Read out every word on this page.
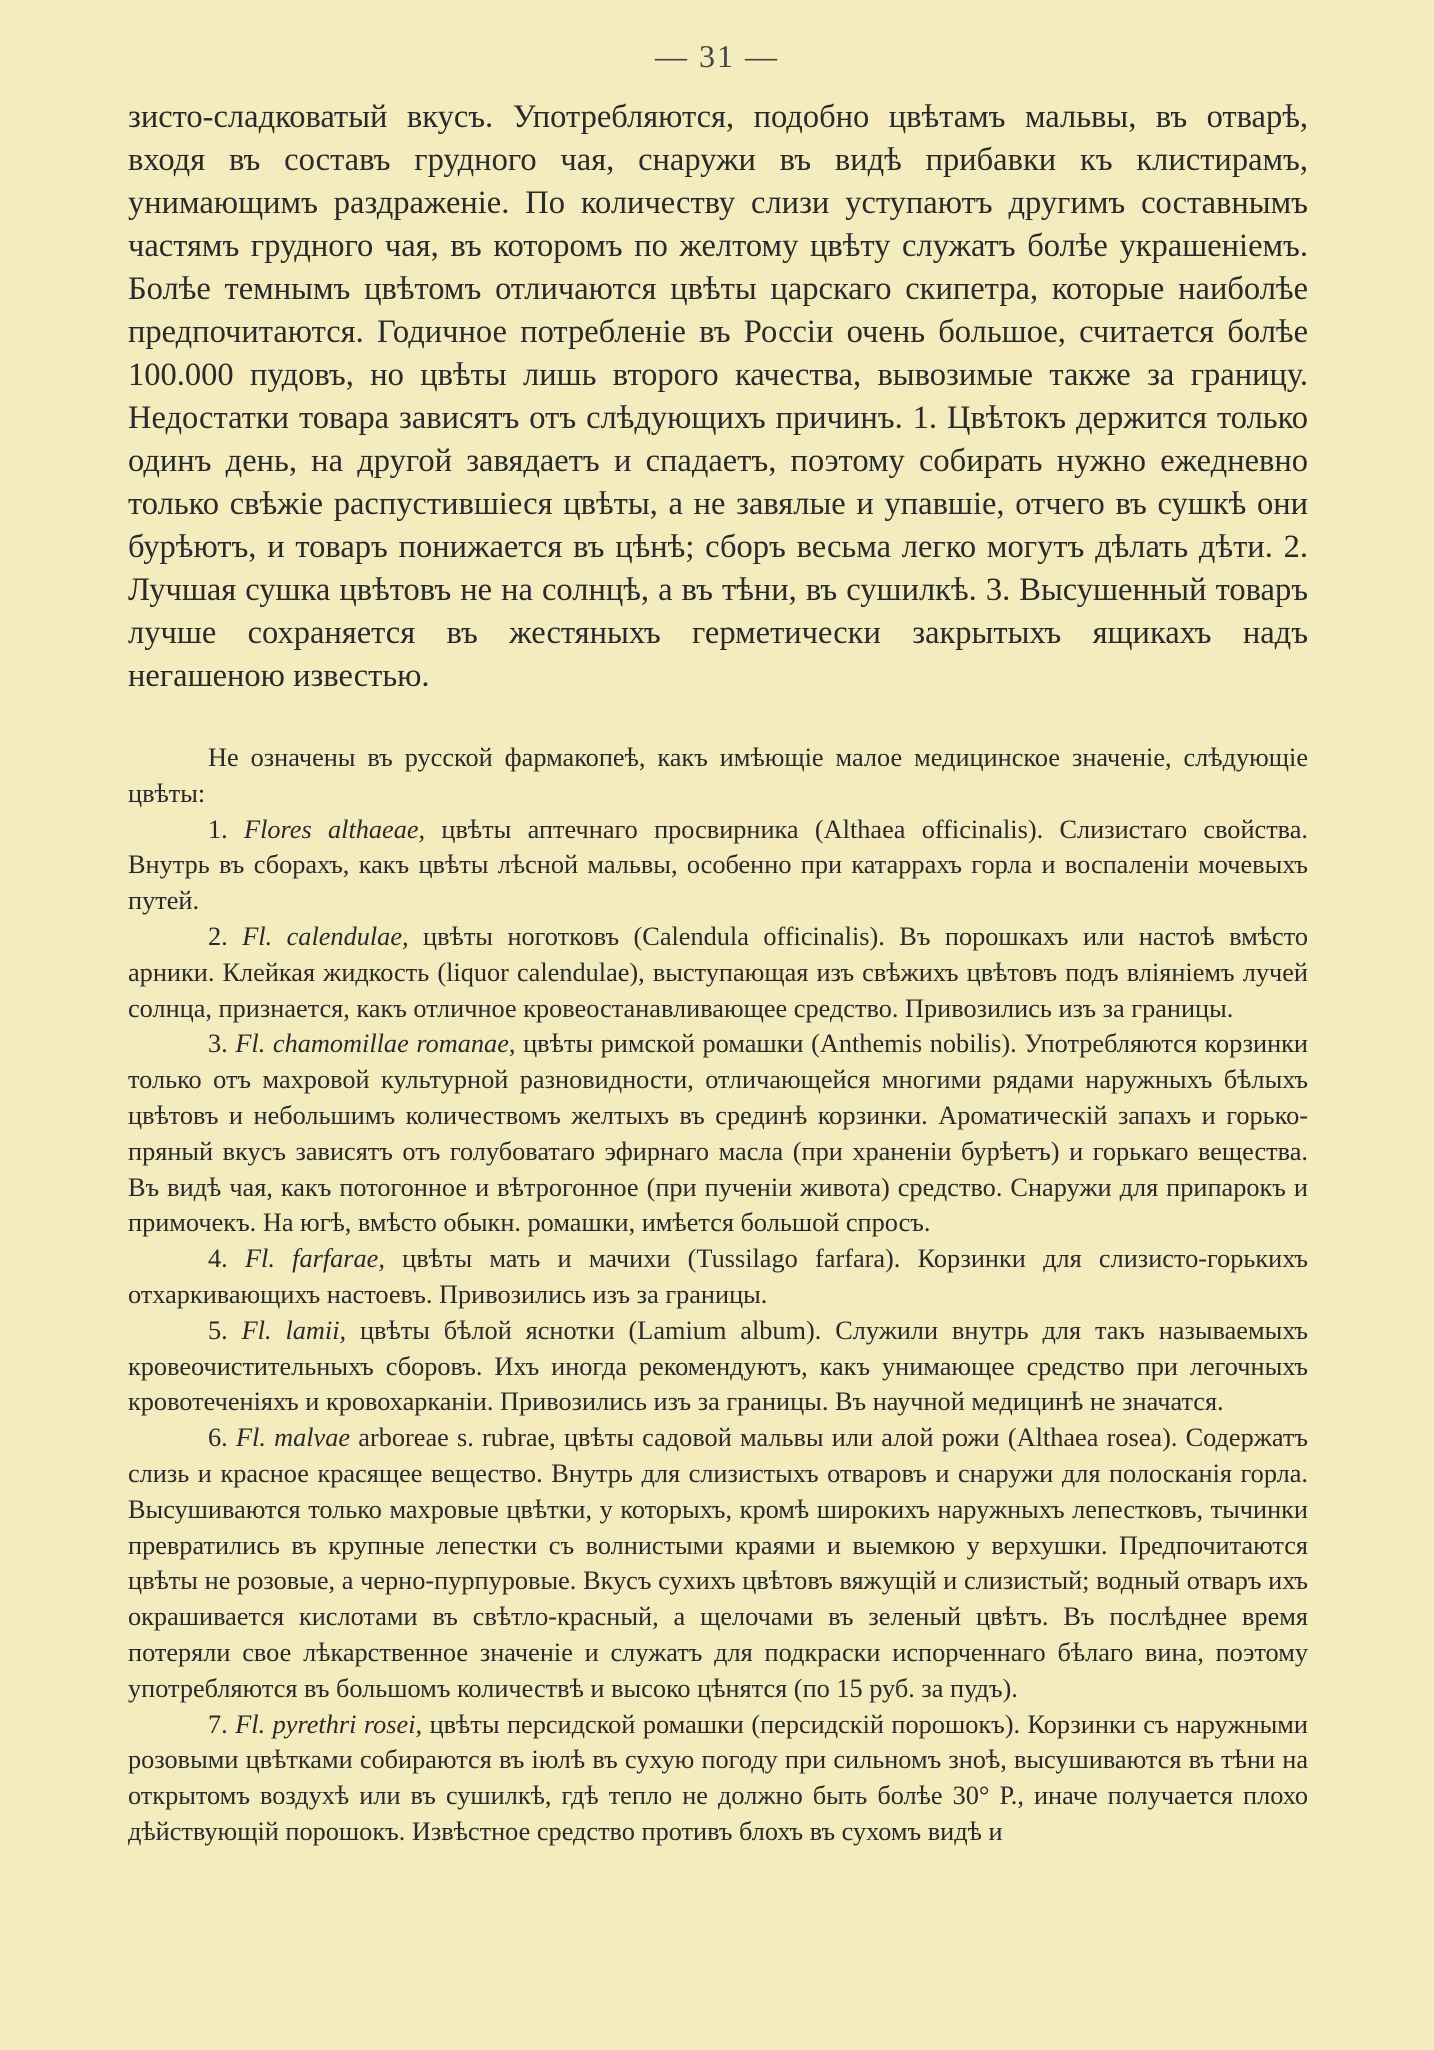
— 31 —

зисто-сладковатый вкусъ. Употребляются, подобно цвѣтамъ мальвы, въ отварѣ, входя въ составъ грудного чая, снаружи въ видѣ прибавки къ клистирамъ, унимающимъ раздраженіе. По количеству слизи уступаютъ другимъ составнымъ частямъ грудного чая, въ которомъ по желтому цвѣту служатъ болѣе украшеніемъ. Болѣе темнымъ цвѣтомъ отличаются цвѣты царскаго скипетра, которые наиболѣе предпочитаются. Годичное потребленіе въ Россіи очень большое, считается болѣе 100.000 пудовъ, но цвѣты лишь второго качества, вывозимые также за границу. Недостатки товара зависятъ отъ слѣдующихъ причинъ. 1. Цвѣтокъ держится только одинъ день, на другой завядаетъ и спадаетъ, поэтому собирать нужно ежедневно только свѣжіе распустившіеся цвѣты, а не завялые и упавшіе, отчего въ сушкѣ они бурѣютъ, и товаръ понижается въ цѣнѣ; сборъ весьма легко могутъ дѣлать дѣти. 2. Лучшая сушка цвѣтовъ не на солнцѣ, а въ тѣни, въ сушилкѣ. 3. Высушенный товаръ лучше сохраняется въ жестяныхъ герметически закрытыхъ ящикахъ надъ негашеною известью.

Не означены въ русской фармакопеѣ, какъ имѣющіе малое медицинское значеніе, слѣдующіе цвѣты:

1. Flores althaeae, цвѣты аптечнаго просвирника (Althaea officinalis). Слизистаго свойства. Внутрь въ сборахъ, какъ цвѣты лѣсной мальвы, особенно при катаррахъ горла и воспаленіи мочевыхъ путей.

2. Fl. calendulae, цвѣты ноготковъ (Calendula officinalis). Въ порошкахъ или настоѣ вмѣсто арники. Клейкая жидкость (liquor calendulae), выступающая изъ свѣжихъ цвѣтовъ подъ вліяніемъ лучей солнца, признается, какъ отличное кровеостанавливающее средство. Привозились изъ за границы.

3. Fl. chamomillae romanae, цвѣты римской ромашки (Anthemis nobilis). Употребляются корзинки только отъ махровой культурной разновидности, отличающейся многими рядами наружныхъ бѣлыхъ цвѣтовъ и небольшимъ количествомъ желтыхъ въ срединѣ корзинки. Ароматическій запахъ и горько-пряный вкусъ зависятъ отъ голубоватаго эфирнаго масла (при храненіи бурѣетъ) и горькаго вещества. Въ видѣ чая, какъ потогонное и вѣтрогонное (при пученіи живота) средство. Снаружи для припарокъ и примочекъ. На югѣ, вмѣсто обыкн. ромашки, имѣется большой спросъ.

4. Fl. farfarae, цвѣты мать и мачихи (Tussilago farfara). Корзинки для слизисто-горькихъ отхаркивающихъ настоевъ. Привозились изъ за границы.

5. Fl. lamii, цвѣты бѣлой яснотки (Lamium album). Служили внутрь для такъ называемыхъ кровеочистительныхъ сборовъ. Ихъ иногда рекомендуютъ, какъ унимающее средство при легочныхъ кровотеченіяхъ и кровохарканіи. Привозились изъ за границы. Въ научной медицинѣ не значатся.

6. Fl. malvae arboreae s. rubrae, цвѣты садовой мальвы или алой рожи (Althaea rosea). Содержатъ слизь и красное красящее вещество. Внутрь для слизистыхъ отваровъ и снаружи для полосканія горла. Высушиваются только махровые цвѣтки, у которыхъ, кромѣ широкихъ наружныхъ лепестковъ, тычинки превратились въ крупные лепестки съ волнистыми краями и выемкою у верхушки. Предпочитаются цвѣты не розовые, а черно-пурпуровые. Вкусъ сухихъ цвѣтовъ вяжущій и слизистый; водный отваръ ихъ окрашивается кислотами въ свѣтло-красный, а щелочами въ зеленый цвѣтъ. Въ послѣднее время потеряли свое лѣкарственное значеніе и служатъ для подкраски испорченнаго бѣлаго вина, поэтому употребляются въ большомъ количествѣ и высоко цѣнятся (по 15 руб. за пудъ).

7. Fl. pyrethri rosei, цвѣты персидской ромашки (персидскій порошокъ). Корзинки съ наружными розовыми цвѣтками собираются въ іюлѣ въ сухую погоду при сильномъ зноѣ, высушиваются въ тѣни на открытомъ воздухѣ или въ сушилкѣ, гдѣ тепло не должно быть болѣе 30° Р., иначе получается плохо дѣйствующій порошокъ. Извѣстное средство противъ блохъ въ сухомъ видѣ и
